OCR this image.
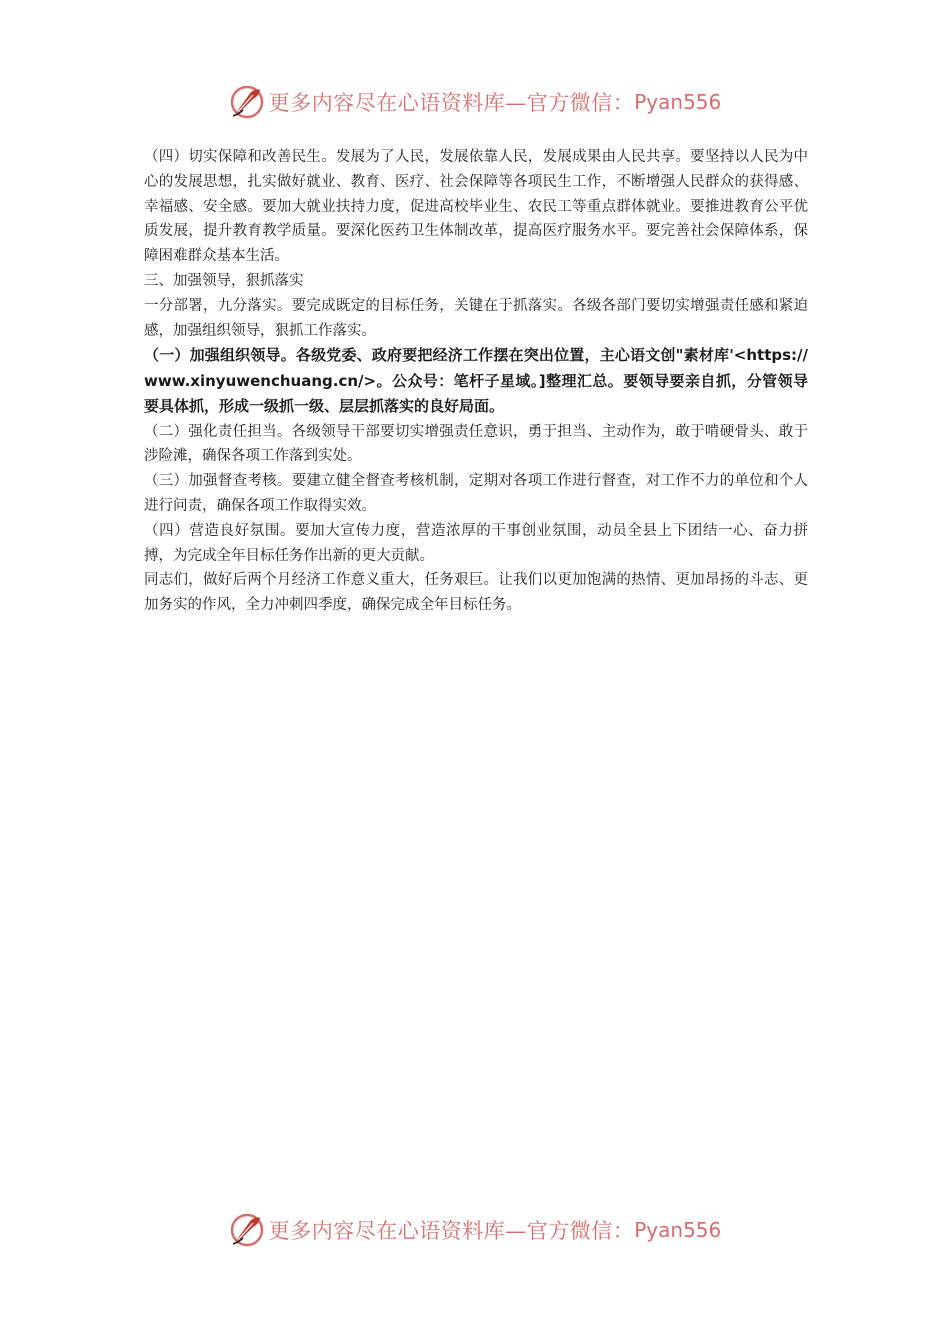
更多内容尽在心语资料库—官方微信： Pyan556

（四）切实保障和改善民生。发展为了人民，发展依靠人民，发展成果由人民共享。要坚持以人民为中心的发展思想，扎实做好就业、教育、医疗、社会保障等各项民生工作，不断增强人民群众的获得感、幸福感、安全感。要加大就业扶持力度，促进高校毕业生、农民工等重点群体就业。要推进教育公平优质发展，提升教育教学质量。要深化医药卫生体制改革，提高医疗服务水平。要完善社会保障体系，保障困难群众基本生活。

三、加强领导，狠抓落实

一分部署，九分落实。要完成既定的目标任务，关键在于抓落实。各级各部门要切实增强责任感和紧迫感，加强组织领导，狠抓工作落实。

（一）加强组织领导。各级党委、政府要把经济工作摆在突出位置，主心语文创"素材库'<https://www.xinyuwenchuang.cn/>。公众号：笔杆子星域。]整理汇总。要领导要亲自抓，分管领导要具体抓，形成一级抓一级、层层抓落实的良好局面。

（二）强化责任担当。各级领导干部要切实增强责任意识，勇于担当、主动作为，敢于啃硬骨头、敢于涉险滩，确保各项工作落到实处。

（三）加强督查考核。要建立健全督查考核机制，定期对各项工作进行督查，对工作不力的单位和个人进行问责，确保各项工作取得实效。

（四）营造良好氛围。要加大宣传力度，营造浓厚的干事创业氛围，动员全县上下团结一心、奋力拼搏，为完成全年目标任务作出新的更大贡献。

同志们，做好后两个月经济工作意义重大，任务艰巨。让我们以更加饱满的热情、更加昂扬的斗志、更加务实的作风，全力冲刺四季度，确保完成全年目标任务。

更多内容尽在心语资料库—官方微信： Pyan556
